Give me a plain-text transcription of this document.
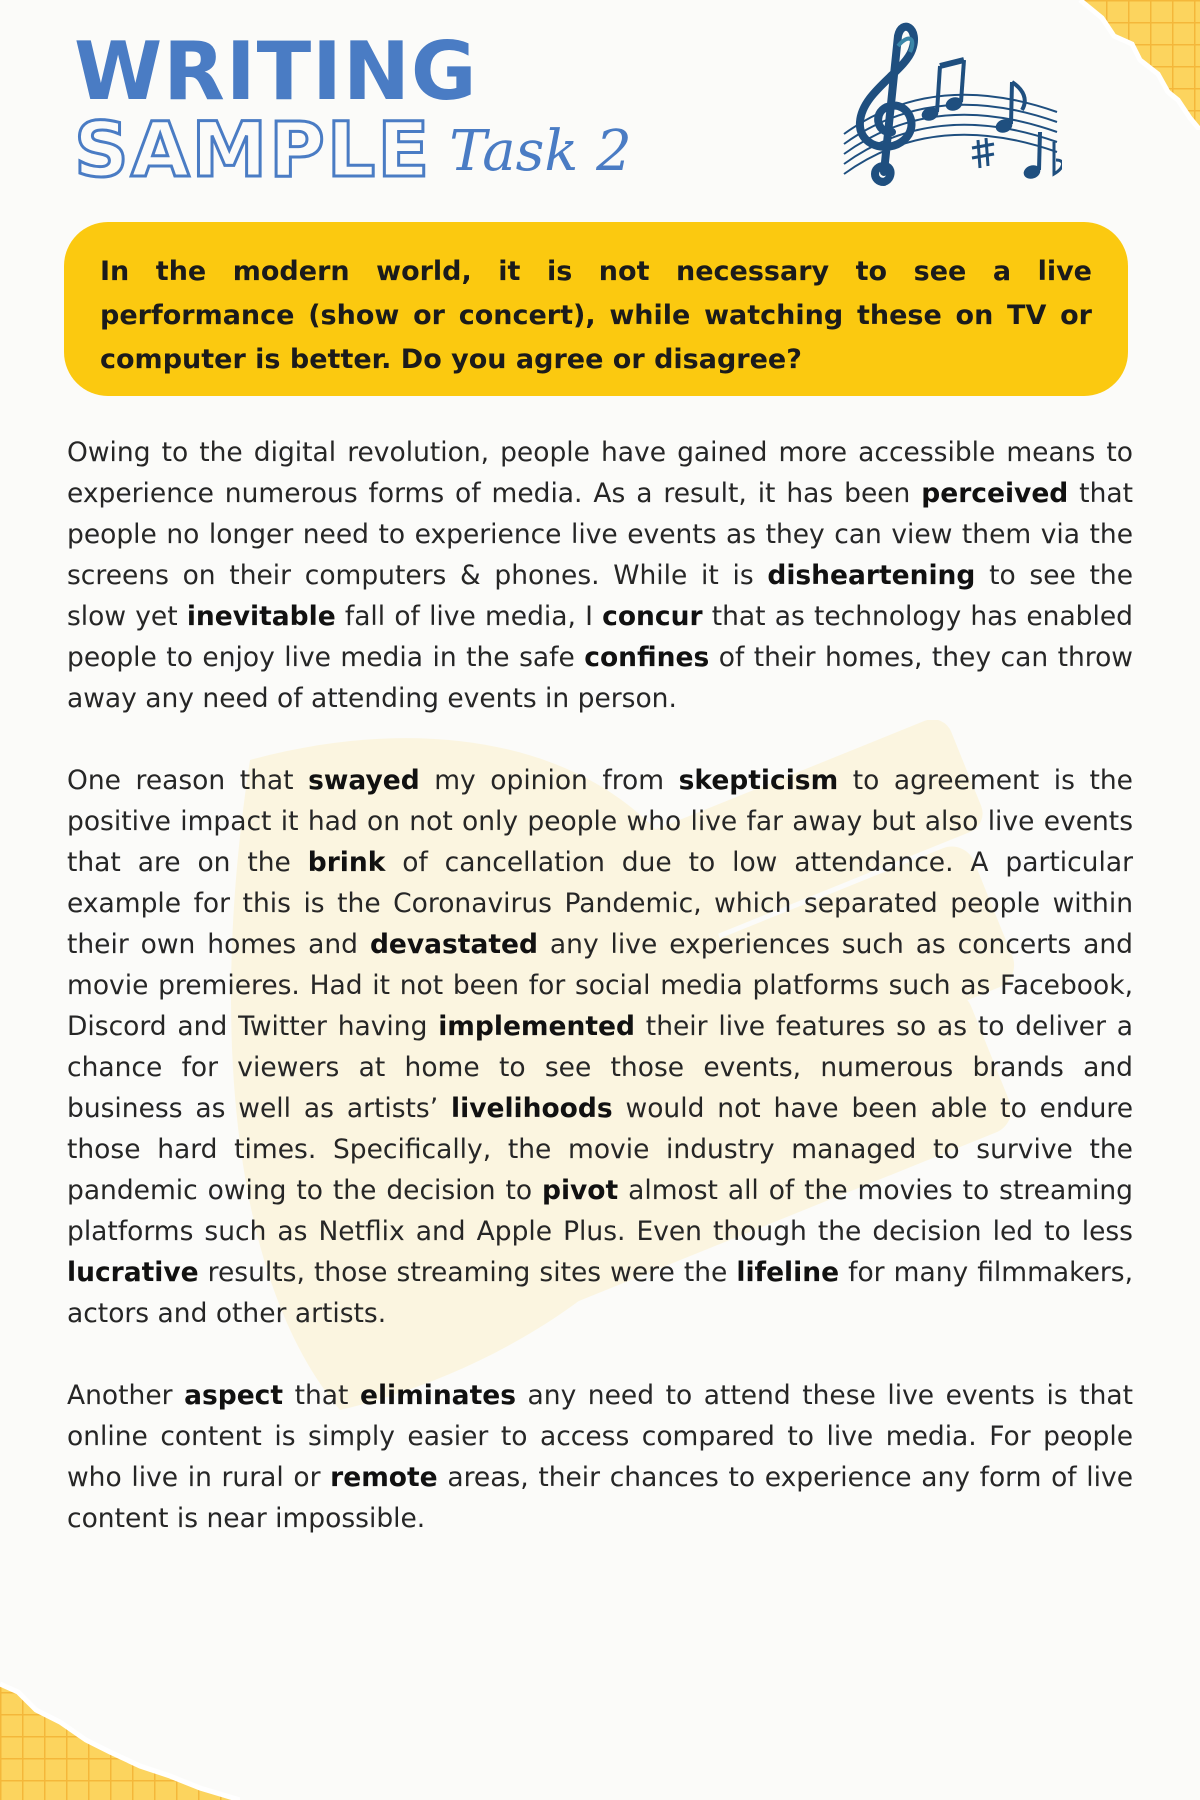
WRITING
SAMPLE Task 2
In the modern world, it is not necessary to see a live performance (show or concert), while watching these on TV or computer is better. Do you agree or disagree?

Owing to the digital revolution, people have gained more accessible means to experience numerous forms of media. As a result, it has been perceived that people no longer need to experience live events as they can view them via the screens on their computers & phones. While it is disheartening to see the slow yet inevitable fall of live media, I concur that as technology has enabled people to enjoy live media in the safe confines of their homes, they can throw away any need of attending events in person.

One reason that swayed my opinion from skepticism to agreement is the positive impact it had on not only people who live far away but also live events that are on the brink of cancellation due to low attendance. A particular example for this is the Coronavirus Pandemic, which separated people within their own homes and devastated any live experiences such as concerts and movie premieres. Had it not been for social media platforms such as Facebook, Discord and Twitter having implemented their live features so as to deliver a chance for viewers at home to see those events, numerous brands and business as well as artists’ livelihoods would not have been able to endure those hard times. Specifically, the movie industry managed to survive the pandemic owing to the decision to pivot almost all of the movies to streaming platforms such as Netflix and Apple Plus. Even though the decision led to less lucrative results, those streaming sites were the lifeline for many filmmakers, actors and other artists.

Another aspect that eliminates any need to attend these live events is that online content is simply easier to access compared to live media. For people who live in rural or remote areas, their chances to experience any form of live content is near impossible.
